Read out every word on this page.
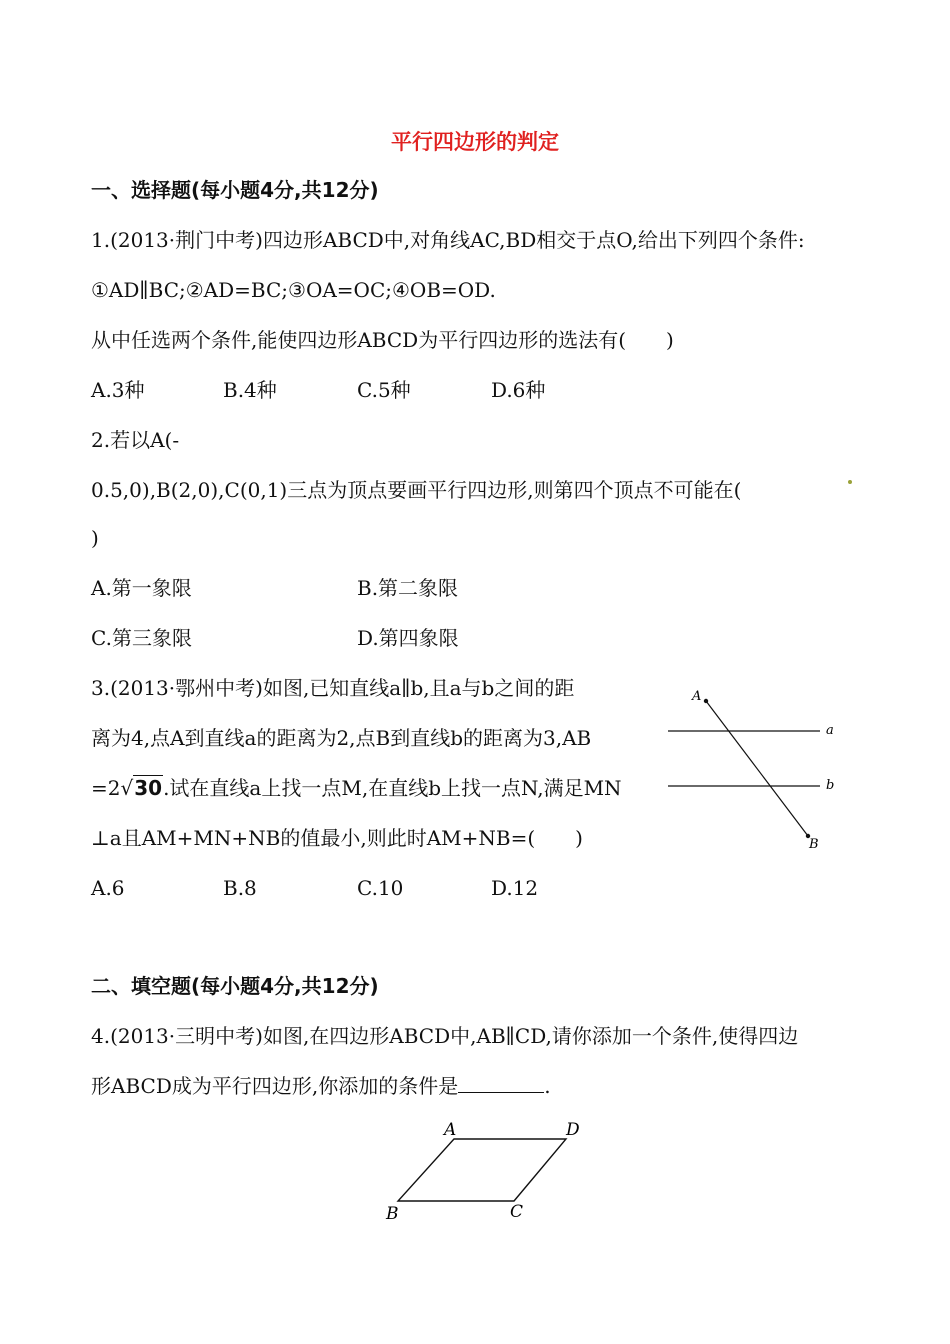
平行四边形的判定
一、选择题(每小题4分,共12分)
1.(2013·荆门中考)四边形ABCD中,对角线AC,BD相交于点O,给出下列四个条件:
①AD∥BC;②AD=BC;③OA=OC;④OB=OD.
从中任选两个条件,能使四边形ABCD为平行四边形的选法有(　　)
A.3种	B.4种	C.5种	D.6种
2.若以A(-
0.5,0),B(2,0),C(0,1)三点为顶点要画平行四边形,则第四个顶点不可能在(
)
A.第一象限	B.第二象限
C.第三象限	D.第四象限
3.(2013·鄂州中考)如图,已知直线a∥b,且a与b之间的距
离为4,点A到直线a的距离为2,点B到直线b的距离为3,AB
=2√30.试在直线a上找一点M,在直线b上找一点N,满足MN
⊥a且AM+MN+NB的值最小,则此时AM+NB=(　　)
A.6	B.8	C.10	D.12
A
B
a
b
二、填空题(每小题4分,共12分)
4.(2013·三明中考)如图,在四边形ABCD中,AB∥CD,请你添加一个条件,使得四边
形ABCD成为平行四边形,你添加的条件是	.
A	D
B	C
